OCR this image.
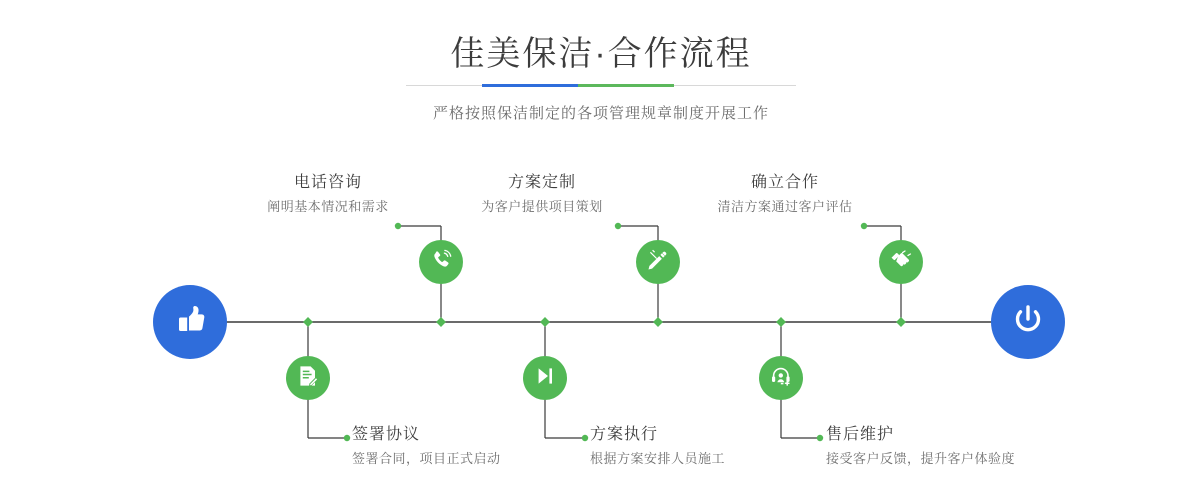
佳美保洁·合作流程

严格按照保洁制定的各项管理规章制度开展工作

电话咨询
阐明基本情况和需求
方案定制
为客户提供项目策划
确立合作
清洁方案通过客户评估
签署协议
签署合同，项目正式启动
方案执行
根据方案安排人员施工
售后维护
接受客户反馈，提升客户体验度
